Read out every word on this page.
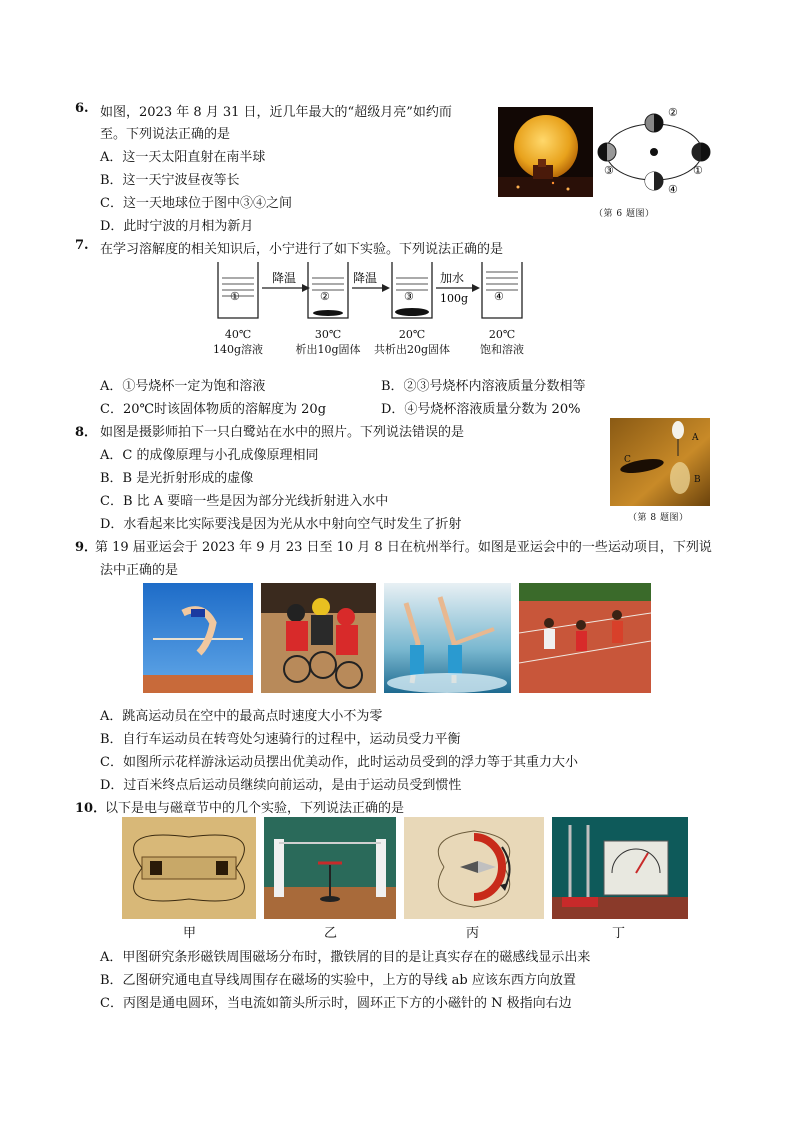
6. 如图，2023 年 8 月 31 日，近几年最大的“超级月亮”如约而
至。下列说法正确的是
A．这一天太阳直射在南半球
B．这一天宁波昼夜等长
C．这一天地球位于图中③④之间
D．此时宁波的月相为新月
②
③
④
①
（第 6 题图）
7. 在学习溶解度的相关知识后，小宁进行了如下实验。下列说法正确的是
①
降温
②
降温
③
加水
100g ④
40℃
140g溶液
30℃
析出10g固体
20℃
共析出20g固体
20℃
饱和溶液
A．①号烧杯一定为饱和溶液	B．②③号烧杯内溶液质量分数相等
C．20℃时该固体物质的溶解度为 20g	D．④号烧杯溶液质量分数为 20%
8． 如图是摄影师拍下一只白鹭站在水中的照片。下列说法错误的是
A．C 的成像原理与小孔成像原理相同
B．B 是光折射形成的虚像
C．B 比 A 要暗一些是因为部分光线折射进入水中
D．水看起来比实际要浅是因为光从水中射向空气时发生了折射
A
C
B
（第 8 题图）
9．
第 19 届亚运会于 2023 年 9 月 23 日至 10 月 8 日在杭州举行。如图是亚运会中的一些运动项目，下列说
法中正确的是
A．跳高运动员在空中的最高点时速度大小不为零
B．自行车运动员在转弯处匀速骑行的过程中，运动员受力平衡
C．如图所示花样游泳运动员摆出优美动作，此时运动员受到的浮力等于其重力大小
D．过百米终点后运动员继续向前运动，是由于运动员受到惯性
10．
以下是电与磁章节中的几个实验，下列说法正确的是
甲	乙	丙	丁
A．甲图研究条形磁铁周围磁场分布时，撒铁屑的目的是让真实存在的磁感线显示出来
B．乙图研究通电直导线周围存在磁场的实验中，上方的导线 ab 应该东西方向放置
C．丙图是通电圆环，当电流如箭头所示时，圆环正下方的小磁针的 N 极指向右边
